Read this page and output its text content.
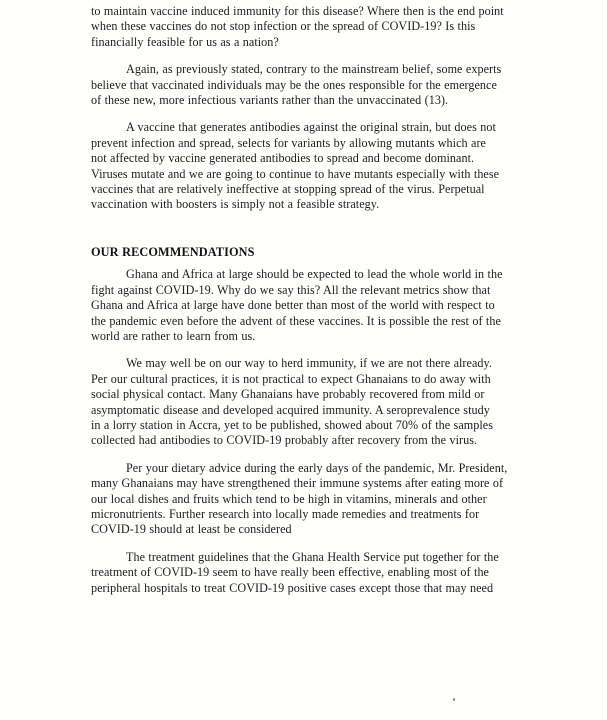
to maintain vaccine induced immunity for this disease? Where then is the end point
when these vaccines do not stop infection or the spread of COVID-19? Is this
financially feasible for us as a nation?

Again, as previously stated, contrary to the mainstream belief, some experts
believe that vaccinated individuals may be the ones responsible for the emergence
of these new, more infectious variants rather than the unvaccinated (13).

A vaccine that generates antibodies against the original strain, but does not
prevent infection and spread, selects for variants by allowing mutants which are
not affected by vaccine generated antibodies to spread and become dominant.
Viruses mutate and we are going to continue to have mutants especially with these
vaccines that are relatively ineffective at stopping spread of the virus. Perpetual
vaccination with boosters is simply not a feasible strategy.

OUR RECOMMENDATIONS

Ghana and Africa at large should be expected to lead the whole world in the
fight against COVID-19. Why do we say this? All the relevant metrics show that
Ghana and Africa at large have done better than most of the world with respect to
the pandemic even before the advent of these vaccines. It is possible the rest of the
world are rather to learn from us.

We may well be on our way to herd immunity, if we are not there already.
Per our cultural practices, it is not practical to expect Ghanaians to do away with
social physical contact. Many Ghanaians have probably recovered from mild or
asymptomatic disease and developed acquired immunity. A seroprevalence study
in a lorry station in Accra, yet to be published, showed about 70% of the samples
collected had antibodies to COVID-19 probably after recovery from the virus.

Per your dietary advice during the early days of the pandemic, Mr. President,
many Ghanaians may have strengthened their immune systems after eating more of
our local dishes and fruits which tend to be high in vitamins, minerals and other
micronutrients. Further research into locally made remedies and treatments for
COVID-19 should at least be considered

The treatment guidelines that the Ghana Health Service put together for the
treatment of COVID-19 seem to have really been effective, enabling most of the
peripheral hospitals to treat COVID-19 positive cases except those that may need
